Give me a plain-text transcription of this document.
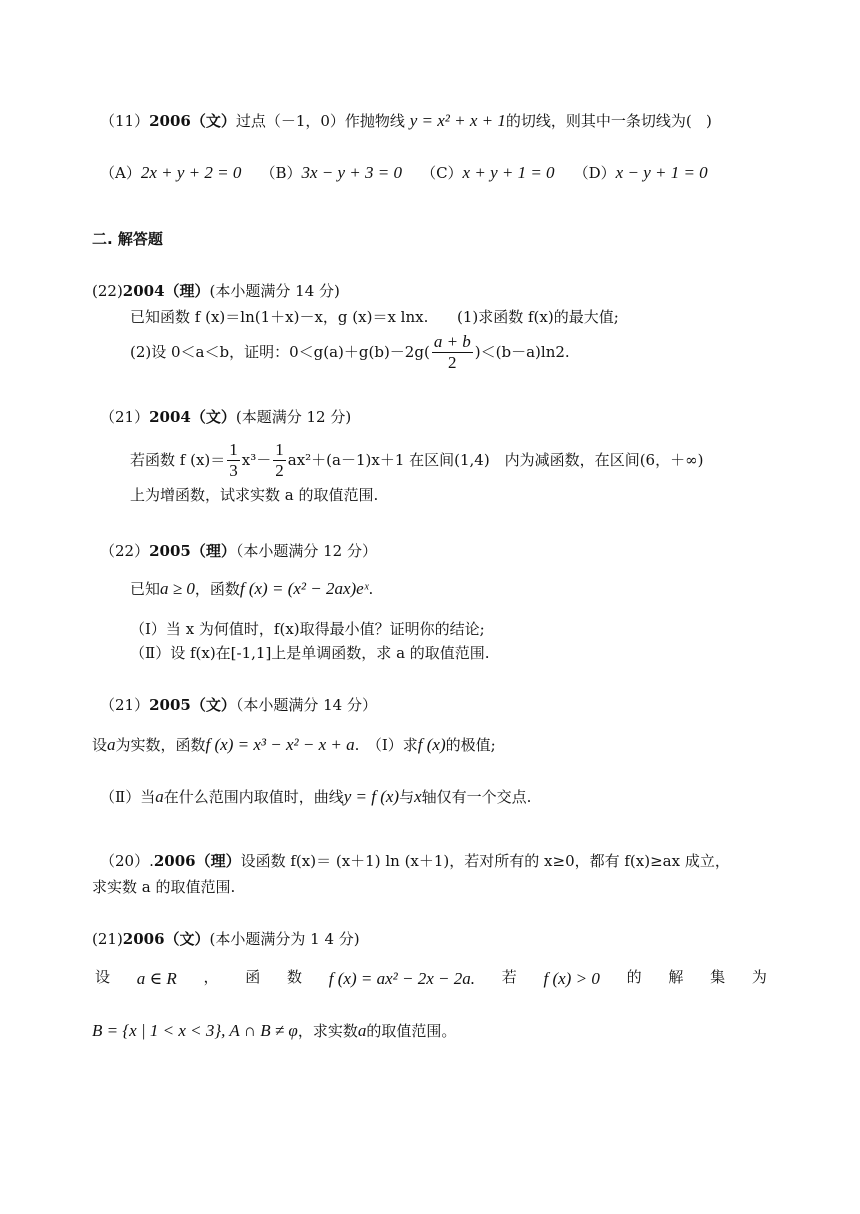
（11）2006（文）过点（－1，0）作抛物线 y = x² + x + 1的切线，则其中一条切线为( )
（A）2x + y + 2 = 0 （B）3x − y + 3 = 0 （C）x + y + 1 = 0 （D）x − y + 1 = 0
二. 解答题
(22)2004（理）(本小题满分 14 分)
已知函数 f (x)＝ln(1＋x)－x，g (x)＝x lnx. (1)求函数 f(x)的最大值;
(2)设 0＜a＜b，证明：$0<g(a)+g(b)-2g( \frac{a + b}{2} )<(b-a)\ln 2$.
（21）2004（文）(本题满分 12 分)
若函数 f $(x)= \frac{1}{3} x^3- \frac{1}{2} ax^2+(a-1)x+1$ 在区间(1,4)　内为减函数，在区间(6，＋∞)
上为增函数，试求实数 a 的取值范围.
（22）2005（理）（本小题满分 12 分）
已知a ≥ 0，函数f (x) = (x² − 2ax)eˣ.
（Ⅰ）当 x 为何值时，f(x)取得最小值？证明你的结论;
（Ⅱ）设 f(x)在[-1,1]上是单调函数，求 a 的取值范围.
（21）2005（文）（本小题满分 14 分）
设a为实数，函数f (x) = x³ − x² − x + a.　（Ⅰ）求f (x)的极值;
（Ⅱ）当a在什么范围内取值时，曲线y = f (x)与x轴仅有一个交点.
（20）.2006（理）设函数 f(x)＝ (x＋1) ln (x＋1)，若对所有的 x≥0，都有 f(x)≥ax 成立，
求实数 a 的取值范围.
(21)2006（文）(本小题满分为 1 4 分)
设 a ∈ R ， 函 数 f (x) = ax² − 2x − 2a. 若 f (x) > 0 的 解 集 为
B = {x | 1 < x < 3}, A ∩ B ≠ φ，求实数a的取值范围。
